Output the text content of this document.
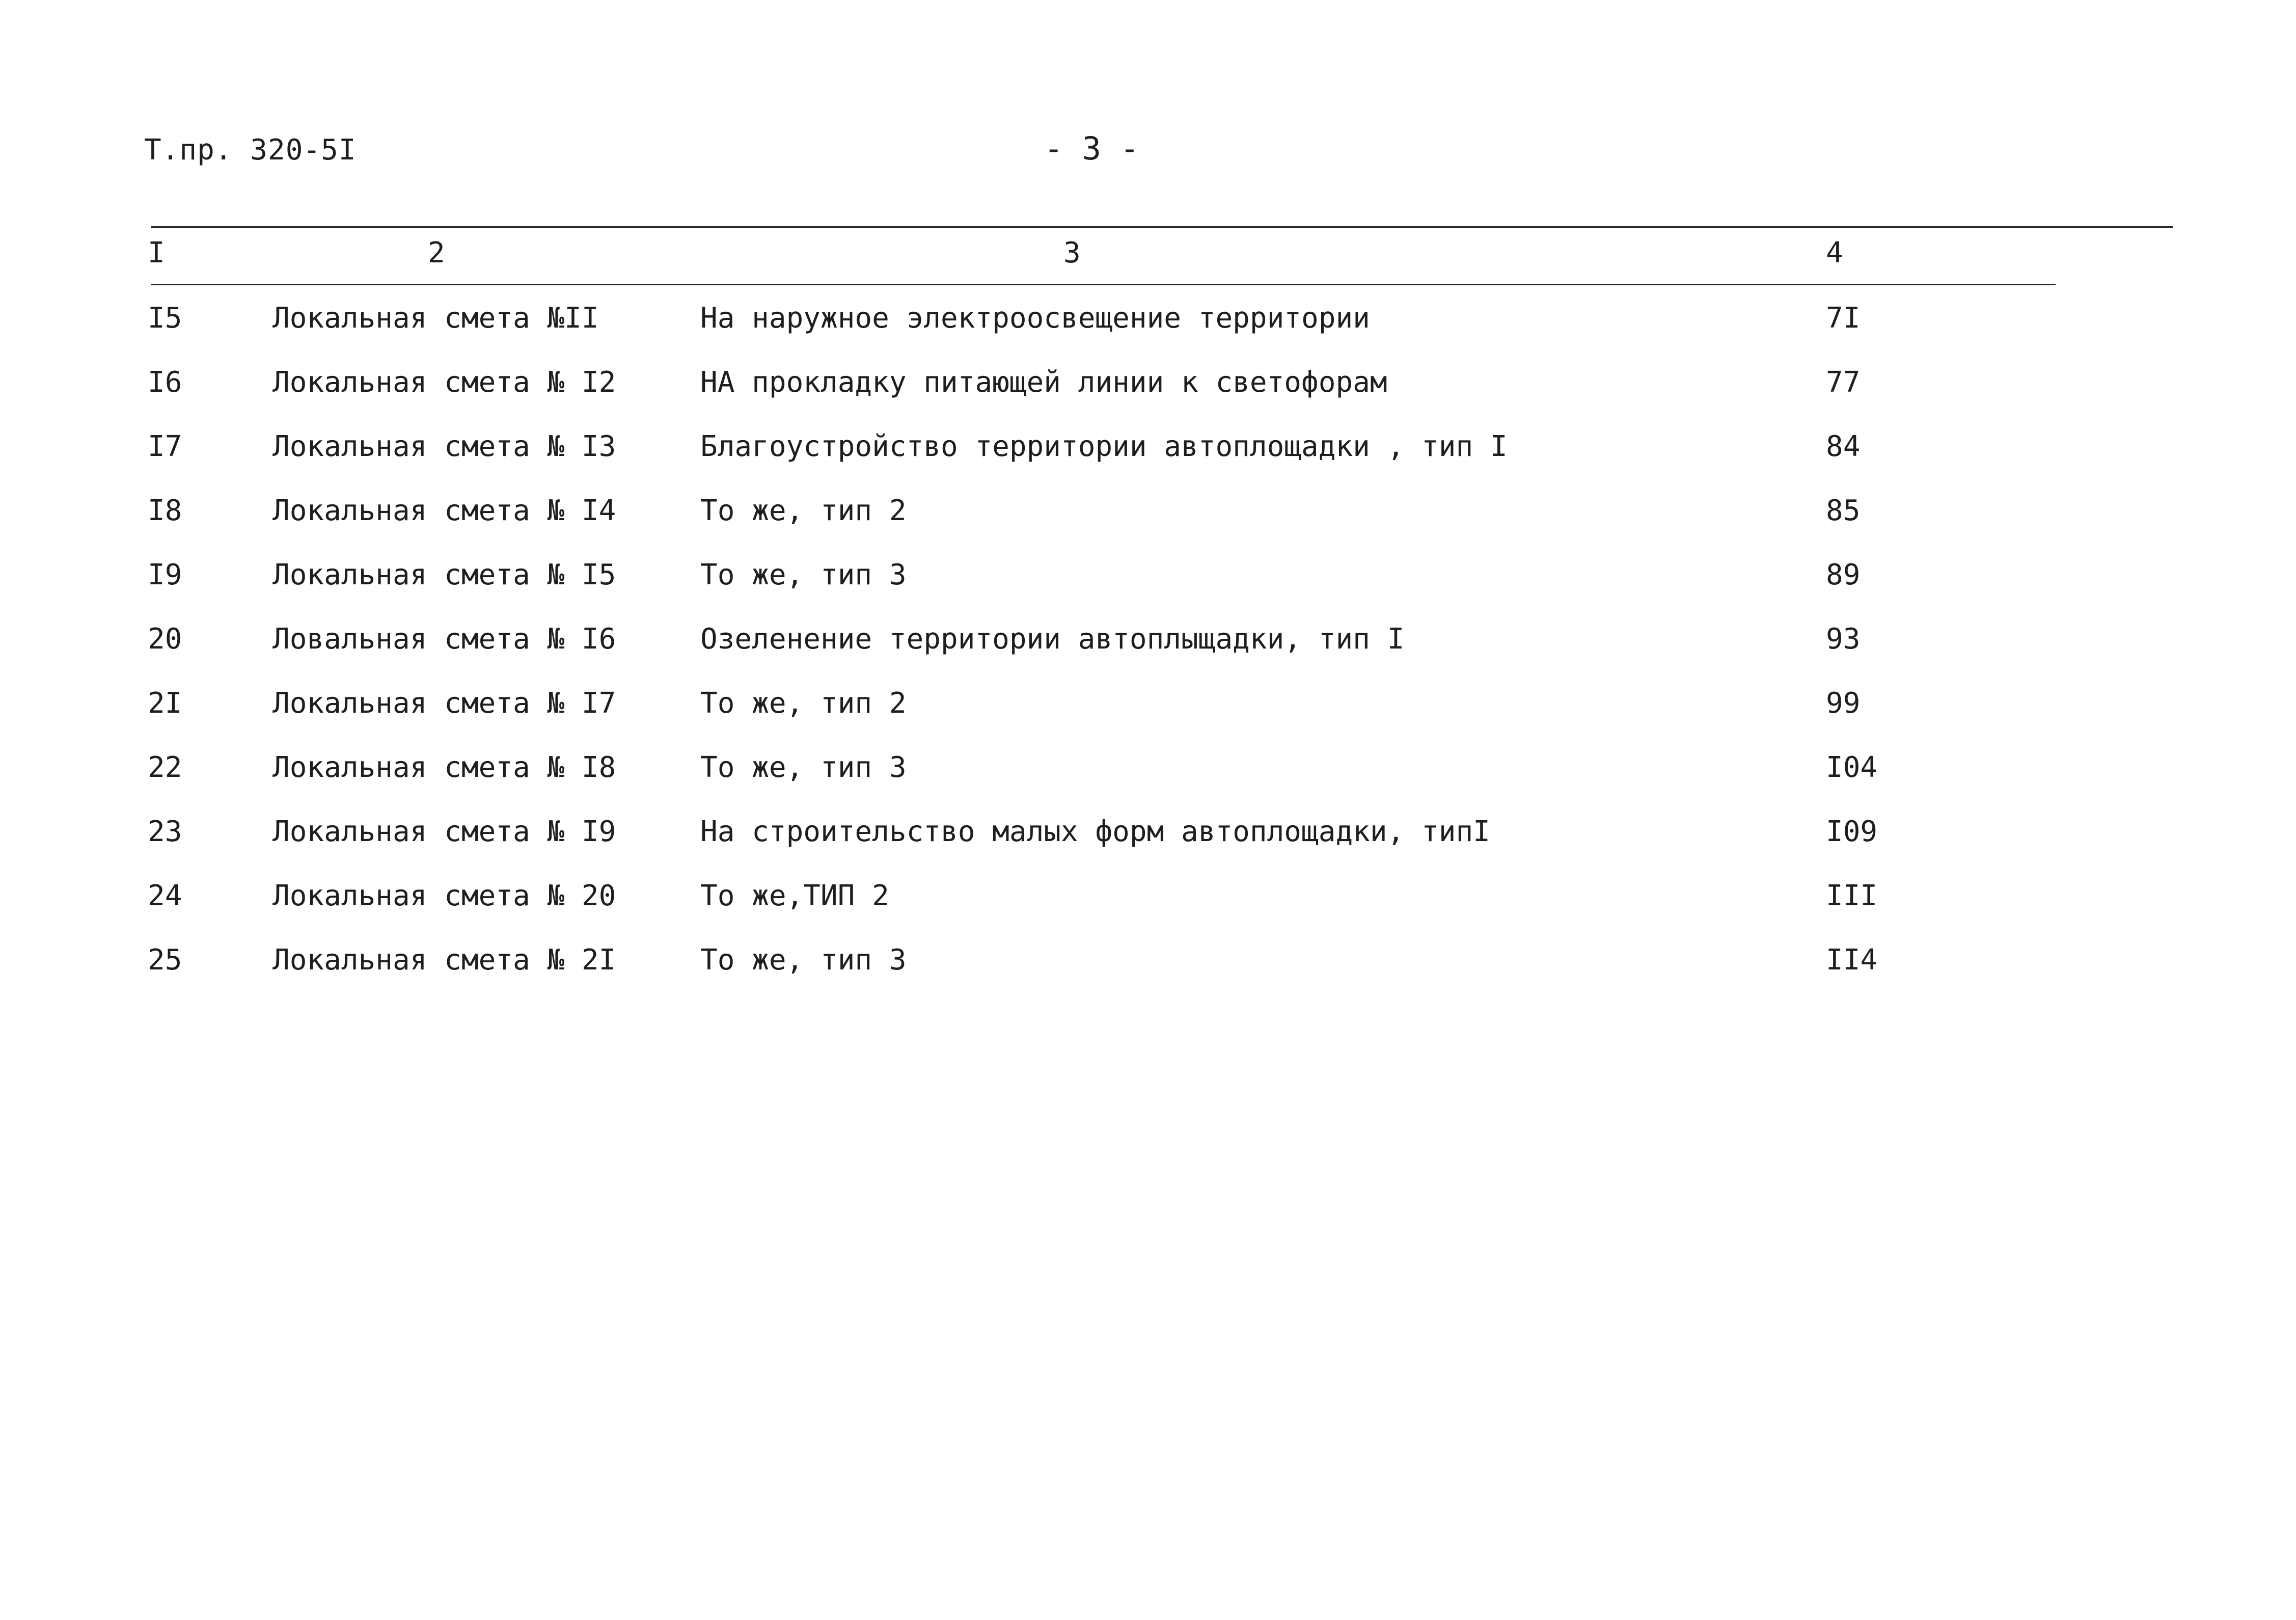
Т.пр. 320-5I	- 3 -
I	2	3	4
I5	Локальная смета №II	На наружное электроосвещение территории	7I
I6	Локальная смета № I2	НА прокладку питающей линии к светофорам	77
I7	Локальная смета № I3	Благоустройство территории автоплощадки , тип I	84
I8	Локальная смета № I4	То же, тип 2	85
I9	Локальная смета № I5	То же, тип 3	89
20	Ловальная смета № I6	Озеленение территории автоплыщадки, тип I	93
2I	Локальная смета № I7	То же, тип 2	99
22	Локальная смета № I8	То же, тип 3	I04
23	Локальная смета № I9	На строительство малых форм автоплощадки, типI	I09
24	Локальная смета № 20	То же,ТИП 2	III
25	Локальная смета № 2I	То же, тип 3	II4
